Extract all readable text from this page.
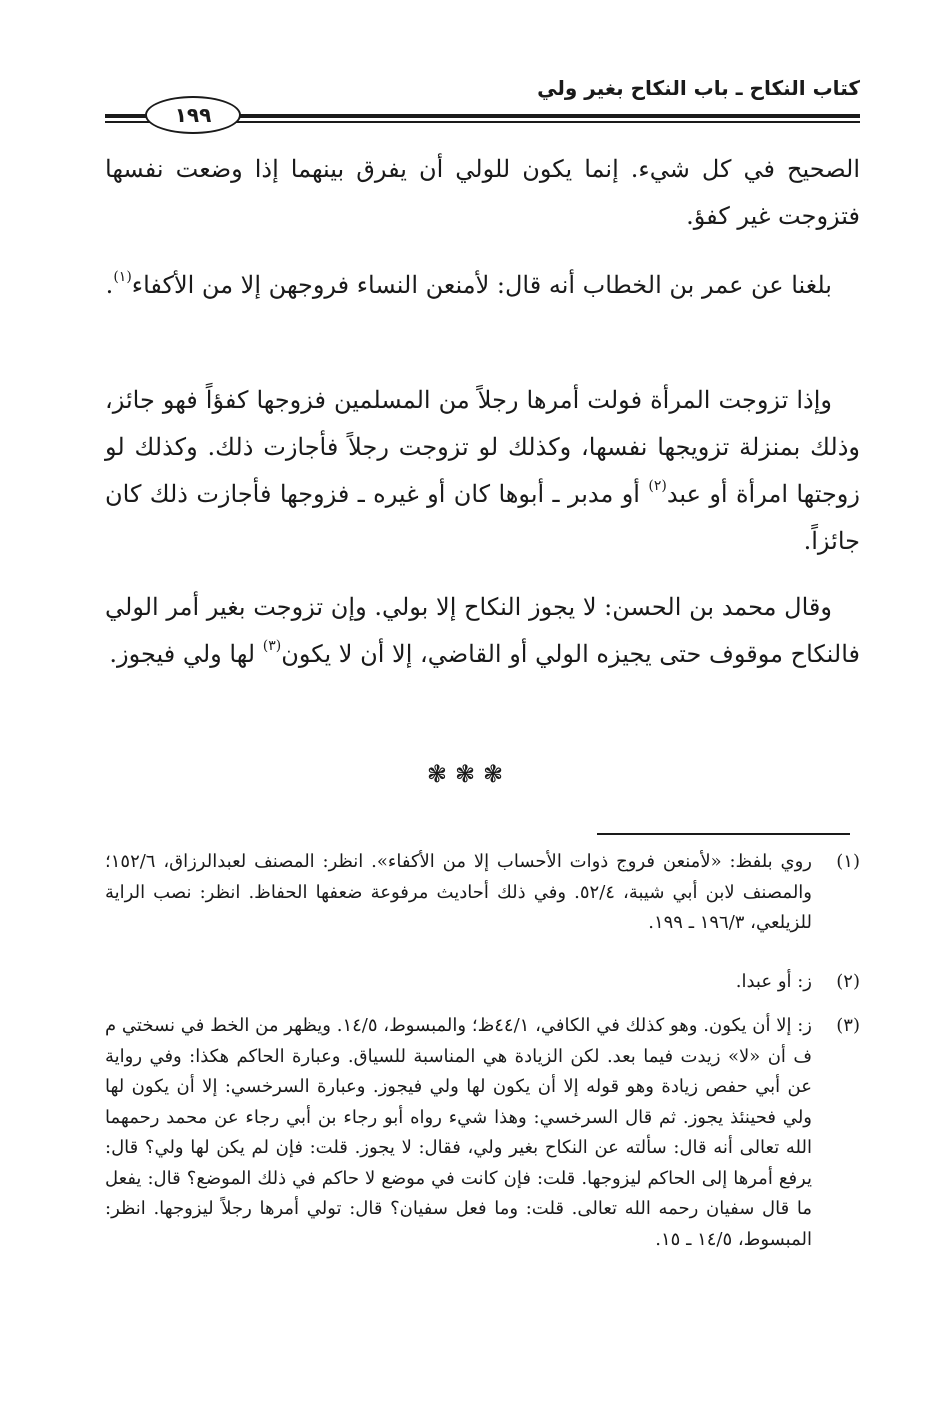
كتاب النكاح ـ باب النكاح بغير ولي
١٩٩

الصحيح في كل شيء. إنما يكون للولي أن يفرق بينهما إذا وضعت نفسها فتزوجت غير كفؤ.

بلغنا عن عمر بن الخطاب أنه قال: لأمنعن النساء فروجهن إلا من الأكفاء$^{(١)}$.

وإذا تزوجت المرأة فولت أمرها رجلاً من المسلمين فزوجها كفؤاً فهو جائز، وذلك بمنزلة تزويجها نفسها، وكذلك لو تزوجت رجلاً فأجازت ذلك. وكذلك لو زوجتها امرأة أو عبد$^{(٢)}$ أو مدبر ـ أبوها كان أو غيره ـ فزوجها فأجازت ذلك كان جائزاً.

وقال محمد بن الحسن: لا يجوز النكاح إلا بولي. وإن تزوجت بغير أمر الولي فالنكاح موقوف حتى يجيزه الولي أو القاضي، إلا أن لا يكون$^{(٣)}$ لها ولي فيجوز.

❃❃❃
(١)
روي بلفظ: «لأمنعن فروج ذوات الأحساب إلا من الأكفاء». انظر: المصنف لعبدالرزاق، ١٥٢/٦؛ والمصنف لابن أبي شيبة، ٥٢/٤. وفي ذلك أحاديث مرفوعة ضعفها الحفاظ. انظر: نصب الراية للزيلعي، ١٩٦/٣ ـ ١٩٩.
(٢)
ز: أو عبدا.
(٣)
ز: إلا أن يكون. وهو كذلك في الكافي، ٤٤/١ظ؛ والمبسوط، ١٤/٥. ويظهر من الخط في نسختي م ف أن «لا» زيدت فيما بعد. لكن الزيادة هي المناسبة للسياق. وعبارة الحاكم هكذا: وفي رواية عن أبي حفص زيادة وهو قوله إلا أن يكون لها ولي فيجوز. وعبارة السرخسي: إلا أن يكون لها ولي فحينئذ يجوز. ثم قال السرخسي: وهذا شيء رواه أبو رجاء بن أبي رجاء عن محمد رحمهما الله تعالى أنه قال: سألته عن النكاح بغير ولي، فقال: لا يجوز. قلت: فإن لم يكن لها ولي؟ قال: يرفع أمرها إلى الحاكم ليزوجها. قلت: فإن كانت في موضع لا حاكم في ذلك الموضع؟ قال: يفعل ما قال سفيان رحمه الله تعالى. قلت: وما فعل سفيان؟ قال: تولي أمرها رجلاً ليزوجها. انظر: المبسوط، ١٤/٥ ـ ١٥.
